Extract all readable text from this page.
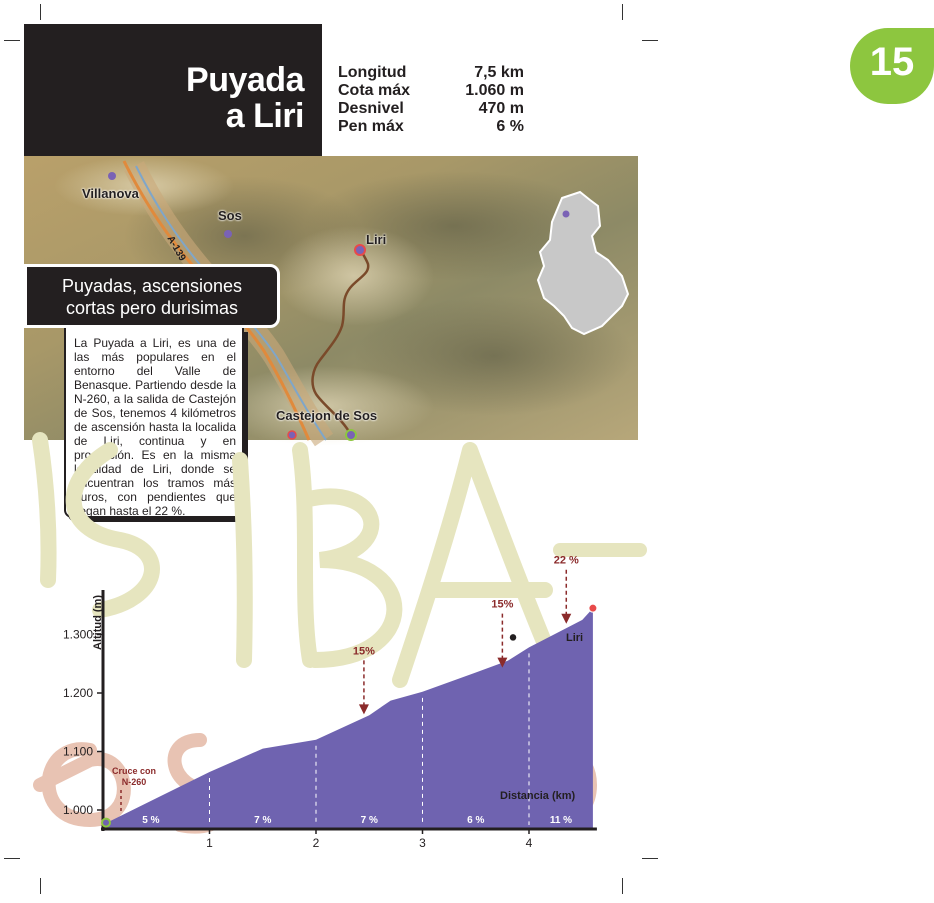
Puyada
a Liri
Longitud	7,5 km
Cota máx	1.060 m
Desnivel	470 m
Pen máx	6 %
15
Villanova
Sos
Liri
Castejon de Sos
A-139
Puyadas, ascensiones
cortas pero durisimas
La Puyada a Liri, es una de las más populares en el entorno del Valle de Benasque. Partiendo desde la N-260, a la salida de Castejón de Sos, tenemos 4 kilómetros de ascensión hasta la localida de Liri, continua y en progresión. Es en la misma localidad de Liri, donde se encuentran los tramos más duros, con pendientes que llegan hasta el 22 %.
5 %	7 %	7 %	6 %	11 %
1.000
1.100
1.200
1.300
1	2	3	4
15%
15%
22 %
Altitud (m)
Distancia (km)
Cruce con N-260
Liri
